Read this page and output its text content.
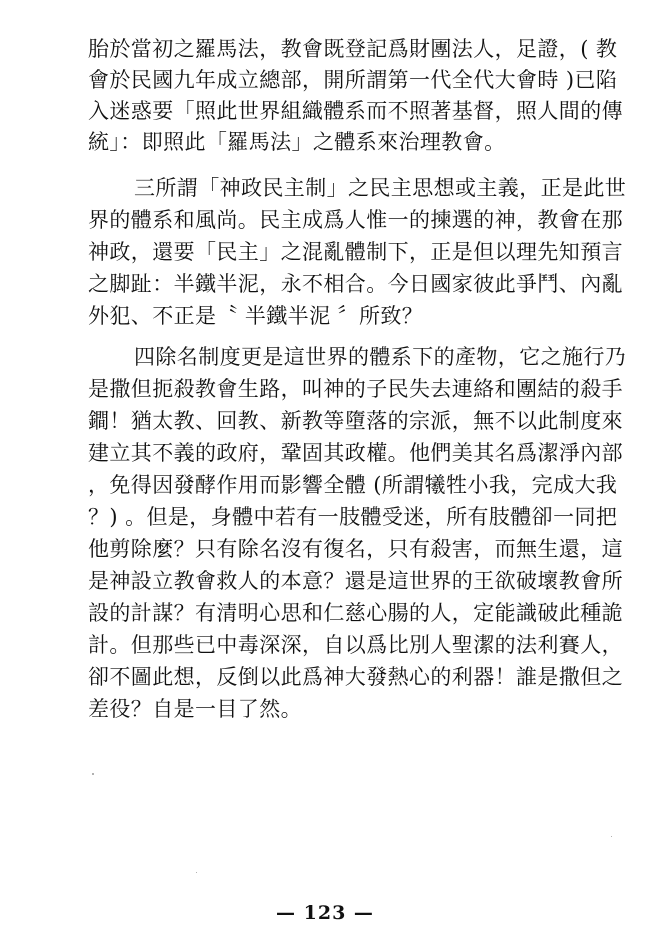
胎於當初之羅馬法，教會既登記爲財團法人，足證，( 教
會於民國九年成立總部，開所謂第一代全代大會時 )已陷
入迷惑要「照此世界組織體系而不照著基督，照人間的傳
統」：即照此「羅馬法」之體系來治理教會。
三所謂「神政民主制」之民主思想或主義，正是此世
界的體系和風尚。民主成爲人惟一的揀選的神，教會在那
神政，還要「民主」之混亂體制下，正是但以理先知預言
之脚趾：半鐵半泥，永不相合。今日國家彼此爭鬥、內亂
外犯、不正是〝 半鐵半泥 〞所致？
四除名制度更是這世界的體系下的產物，它之施行乃
是撒但扼殺教會生路，叫神的子民失去連絡和團結的殺手
鐧！猶太教、回教、新教等墮落的宗派，無不以此制度來
建立其不義的政府，鞏固其政權。他們美其名爲潔淨內部
，免得因發酵作用而影響全體 (所謂犧牲小我，完成大我
？) 。但是，身體中若有一肢體受迷，所有肢體卻一同把
他剪除麼？只有除名沒有復名，只有殺害，而無生還，這
是神設立教會救人的本意？還是這世界的王欲破壞教會所
設的計謀？有清明心思和仁慈心腸的人，定能識破此種詭
計。但那些已中毒深深，自以爲比別人聖潔的法利賽人，
卻不圖此想，反倒以此爲神大發熱心的利器！誰是撒但之
差役？自是一目了然。
— 123 —
